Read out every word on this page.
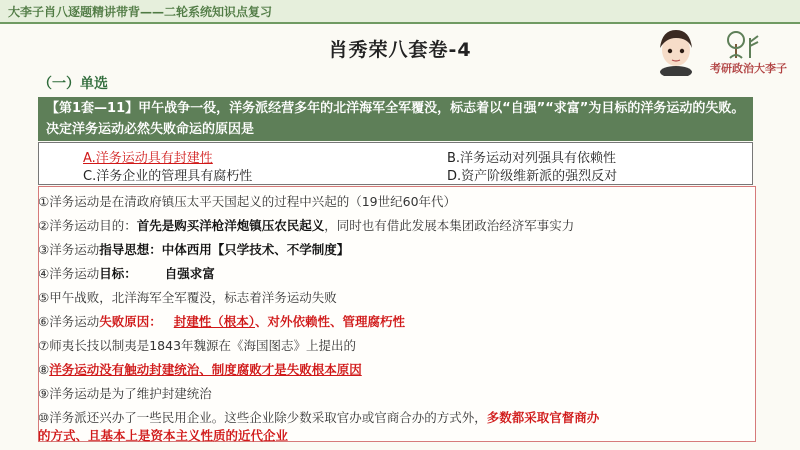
大李子肖八逐题精讲带背——二轮系统知识点复习
肖秀荣八套卷-4
考研政治大李子
（一）单选
【第1套—11】甲午战争一役，洋务派经营多年的北洋海军全军覆没，标志着以“自强”“求富”为目标的洋务运动的失败。决定洋务运动必然失败命运的原因是
A.洋务运动具有封建性	B.洋务运动对列强具有依赖性
C.洋务企业的管理具有腐朽性	D.资产阶级维新派的强烈反对
①洋务运动是在清政府镇压太平天国起义的过程中兴起的（19世纪60年代）
②洋务运动目的：首先是购买洋枪洋炮镇压农民起义，同时也有借此发展本集团政治经济军事实力
③洋务运动指导思想：中体西用【只学技术、不学制度】
④洋务运动目标： 自强求富
⑤甲午战败，北洋海军全军覆没，标志着洋务运动失败
⑥洋务运动失败原因： 封建性（根本）、对外依赖性、管理腐朽性
⑦师夷长技以制夷是1843年魏源在《海国图志》上提出的
⑧洋务运动没有触动封建统治、制度腐败才是失败根本原因
⑨洋务运动是为了维护封建统治
⑩洋务派还兴办了一些民用企业。这些企业除少数采取官办或官商合办的方式外，多数都采取官督商办
的方式、且基本上是资本主义性质的近代企业
